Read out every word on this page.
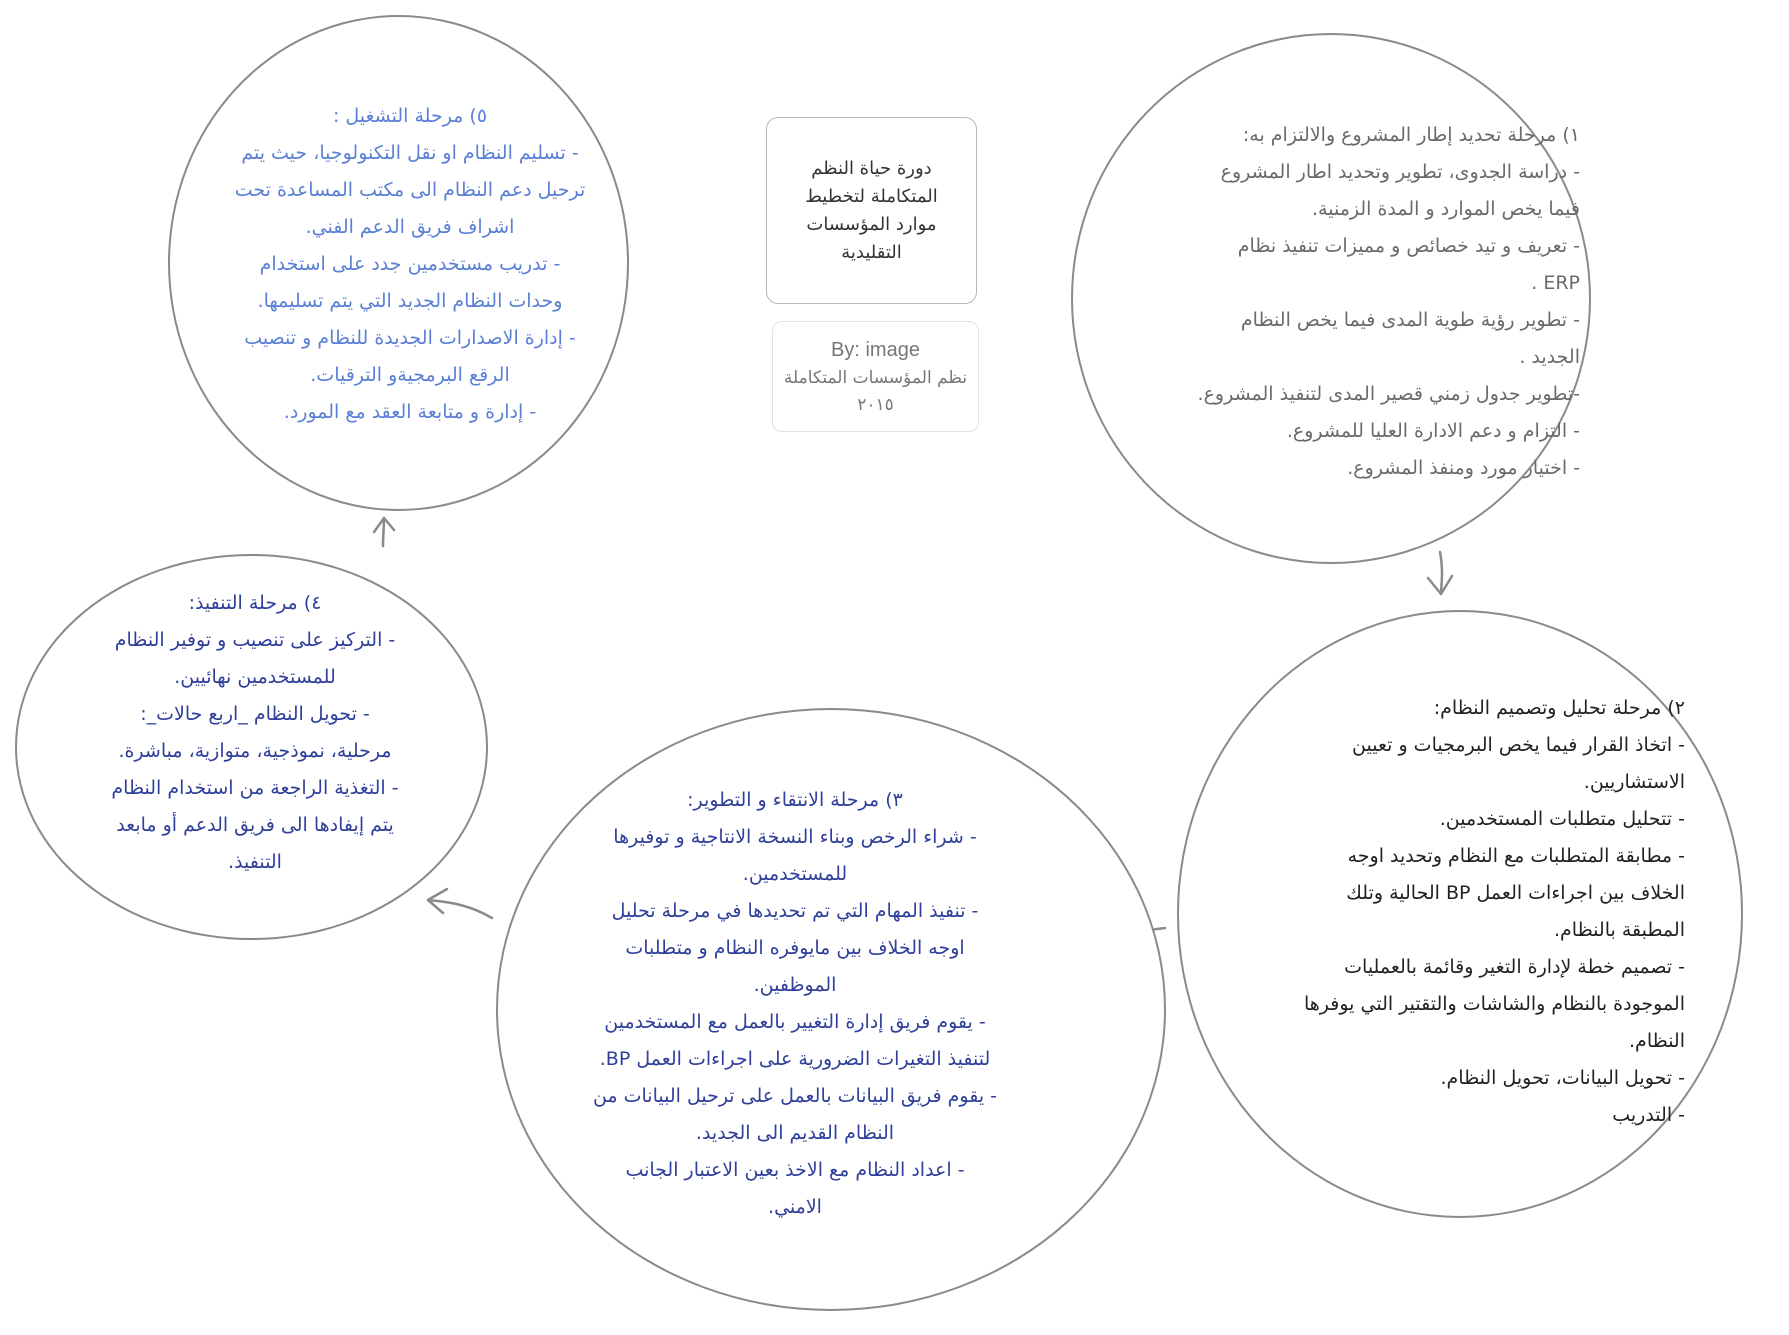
١) مرحلة تحديد إطار المشروع والالتزام به:
- دراسة الجدوى، تطوير وتحديد اطار المشروع
فيما يخص الموارد و المدة الزمنية.
- تعريف و تيد خصائص و مميزات تنفيذ نظام
ERP .
- تطوير رؤية طوية المدى فيما يخص النظام
الجديد .
-تطوير جدول زمني قصير المدى لتنفيذ المشروع.
- التزام و دعم الادارة العليا للمشروع.
- اختيار مورد ومنفذ المشروع.
٢) مرحلة تحليل وتصميم النظام:
- اتخاذ القرار فيما يخص البرمجيات و تعيين
الاستشاريين.
- تتحليل متطلبات المستخدمين.
- مطابقة المتطلبات مع النظام وتحديد اوجه
الخلاف بين اجراءات العمل BP الحالية وتلك
المطبقة بالنظام.
- تصميم خطة لإدارة التغير وقائمة بالعمليات
الموجودة بالنظام والشاشات والتقتير التي يوفرها
النظام.
- تحويل البيانات، تحويل النظام.
- التدريب
٣) مرحلة الانتقاء و التطوير:
- شراء الرخص وبناء النسخة الانتاجية و توفيرها
للمستخدمين.
- تنفيذ المهام التي تم تحديدها في مرحلة تحليل
اوجه الخلاف بين مايوفره النظام و متطلبات
الموظفين.
- يقوم فريق إدارة التغيير بالعمل مع المستخدمين
لتنفيذ التغيرات الضرورية على اجراءات العمل BP.
- يقوم فريق البيانات بالعمل على ترحيل البيانات من
النظام القديم الى الجديد.
- اعداد النظام مع الاخذ بعين الاعتبار الجانب
الامني.
٤) مرحلة التنفيذ:
- التركيز على تنصيب و توفير النظام
للمستخدمين نهائيين.
- تحويل النظام _اربع حالات_:
مرحلية، نموذجية، متوازية، مباشرة.
- التغذية الراجعة من استخدام النظام
يتم إيفادها الى فريق الدعم أو مابعد
التنفيذ.
٥) مرحلة التشغيل :
- تسليم النظام او نقل التكنولوجيا، حيث يتم
ترحيل دعم النظام الى مكتب المساعدة تحت
اشراف فريق الدعم الفني.
- تدريب مستخدمين جدد على استخدام
وحدات النظام الجديد التي يتم تسليمها.
- إدارة الاصدارات الجديدة للنظام و تنصيب
الرقع البرمجيةو الترقيات.
- إدارة و متابعة العقد مع المورد.
دورة حياة النظم المتكاملة لتخطيط موارد المؤسسات التقليدية
By: image
نظم المؤسسات المتكاملة
٢٠١٥
